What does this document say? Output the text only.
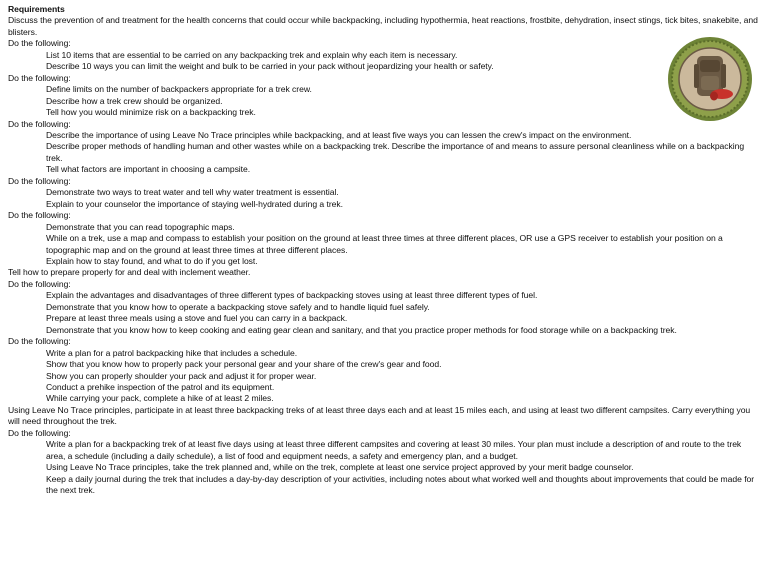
Requirements
Discuss the prevention of and treatment for the health concerns that could occur while backpacking, including hypothermia, heat reactions, frostbite, dehydration, insect stings, tick bites, snakebite, and blisters.
Do the following:
List 10 items that are essential to be carried on any backpacking trek and explain why each item is necessary.
Describe 10 ways you can limit the weight and bulk to be carried in your pack without jeopardizing your health or safety.
Do the following:
Define limits on the number of backpackers appropriate for a trek crew.
Describe how a trek crew should be organized.
Tell how you would minimize risk on a backpacking trek.
Do the following:
Describe the importance of using Leave No Trace principles while backpacking, and at least five ways you can lessen the crew's impact on the environment.
Describe proper methods of handling human and other wastes while on a backpacking trek. Describe the importance of and means to assure personal cleanliness while on a backpacking trek.
Tell what factors are important in choosing a campsite.
Do the following:
Demonstrate two ways to treat water and tell why water treatment is essential.
Explain to your counselor the importance of staying well-hydrated during a trek.
Do the following:
Demonstrate that you can read topographic maps.
While on a trek, use a map and compass to establish your position on the ground at least three times at three different places, OR use a GPS receiver to establish your position on a topographic map and on the ground at least three times at three different places.
Explain how to stay found, and what to do if you get lost.
Tell how to prepare properly for and deal with inclement weather.
Do the following:
Explain the advantages and disadvantages of three different types of backpacking stoves using at least three different types of fuel.
Demonstrate that you know how to operate a backpacking stove safely and to handle liquid fuel safely.
Prepare at least three meals using a stove and fuel you can carry in a backpack.
Demonstrate that you know how to keep cooking and eating gear clean and sanitary, and that you practice proper methods for food storage while on a backpacking trek.
Do the following:
Write a plan for a patrol backpacking hike that includes a schedule.
Show that you know how to properly pack your personal gear and your share of the crew's gear and food.
Show you can properly shoulder your pack and adjust it for proper wear.
Conduct a prehike inspection of the patrol and its equipment.
While carrying your pack, complete a hike of at least 2 miles.
Using Leave No Trace principles, participate in at least three backpacking treks of at least three days each and at least 15 miles each, and using at least two different campsites. Carry everything you will need throughout the trek.
Do the following:
Write a plan for a backpacking trek of at least five days using at least three different campsites and covering at least 30 miles. Your plan must include a description of and route to the trek area, a schedule (including a daily schedule), a list of food and equipment needs, a safety and emergency plan, and a budget.
Using Leave No Trace principles, take the trek planned and, while on the trek, complete at least one service project approved by your merit badge counselor.
Keep a daily journal during the trek that includes a day-by-day description of your activities, including notes about what worked well and thoughts about improvements that could be made for the next trek.
